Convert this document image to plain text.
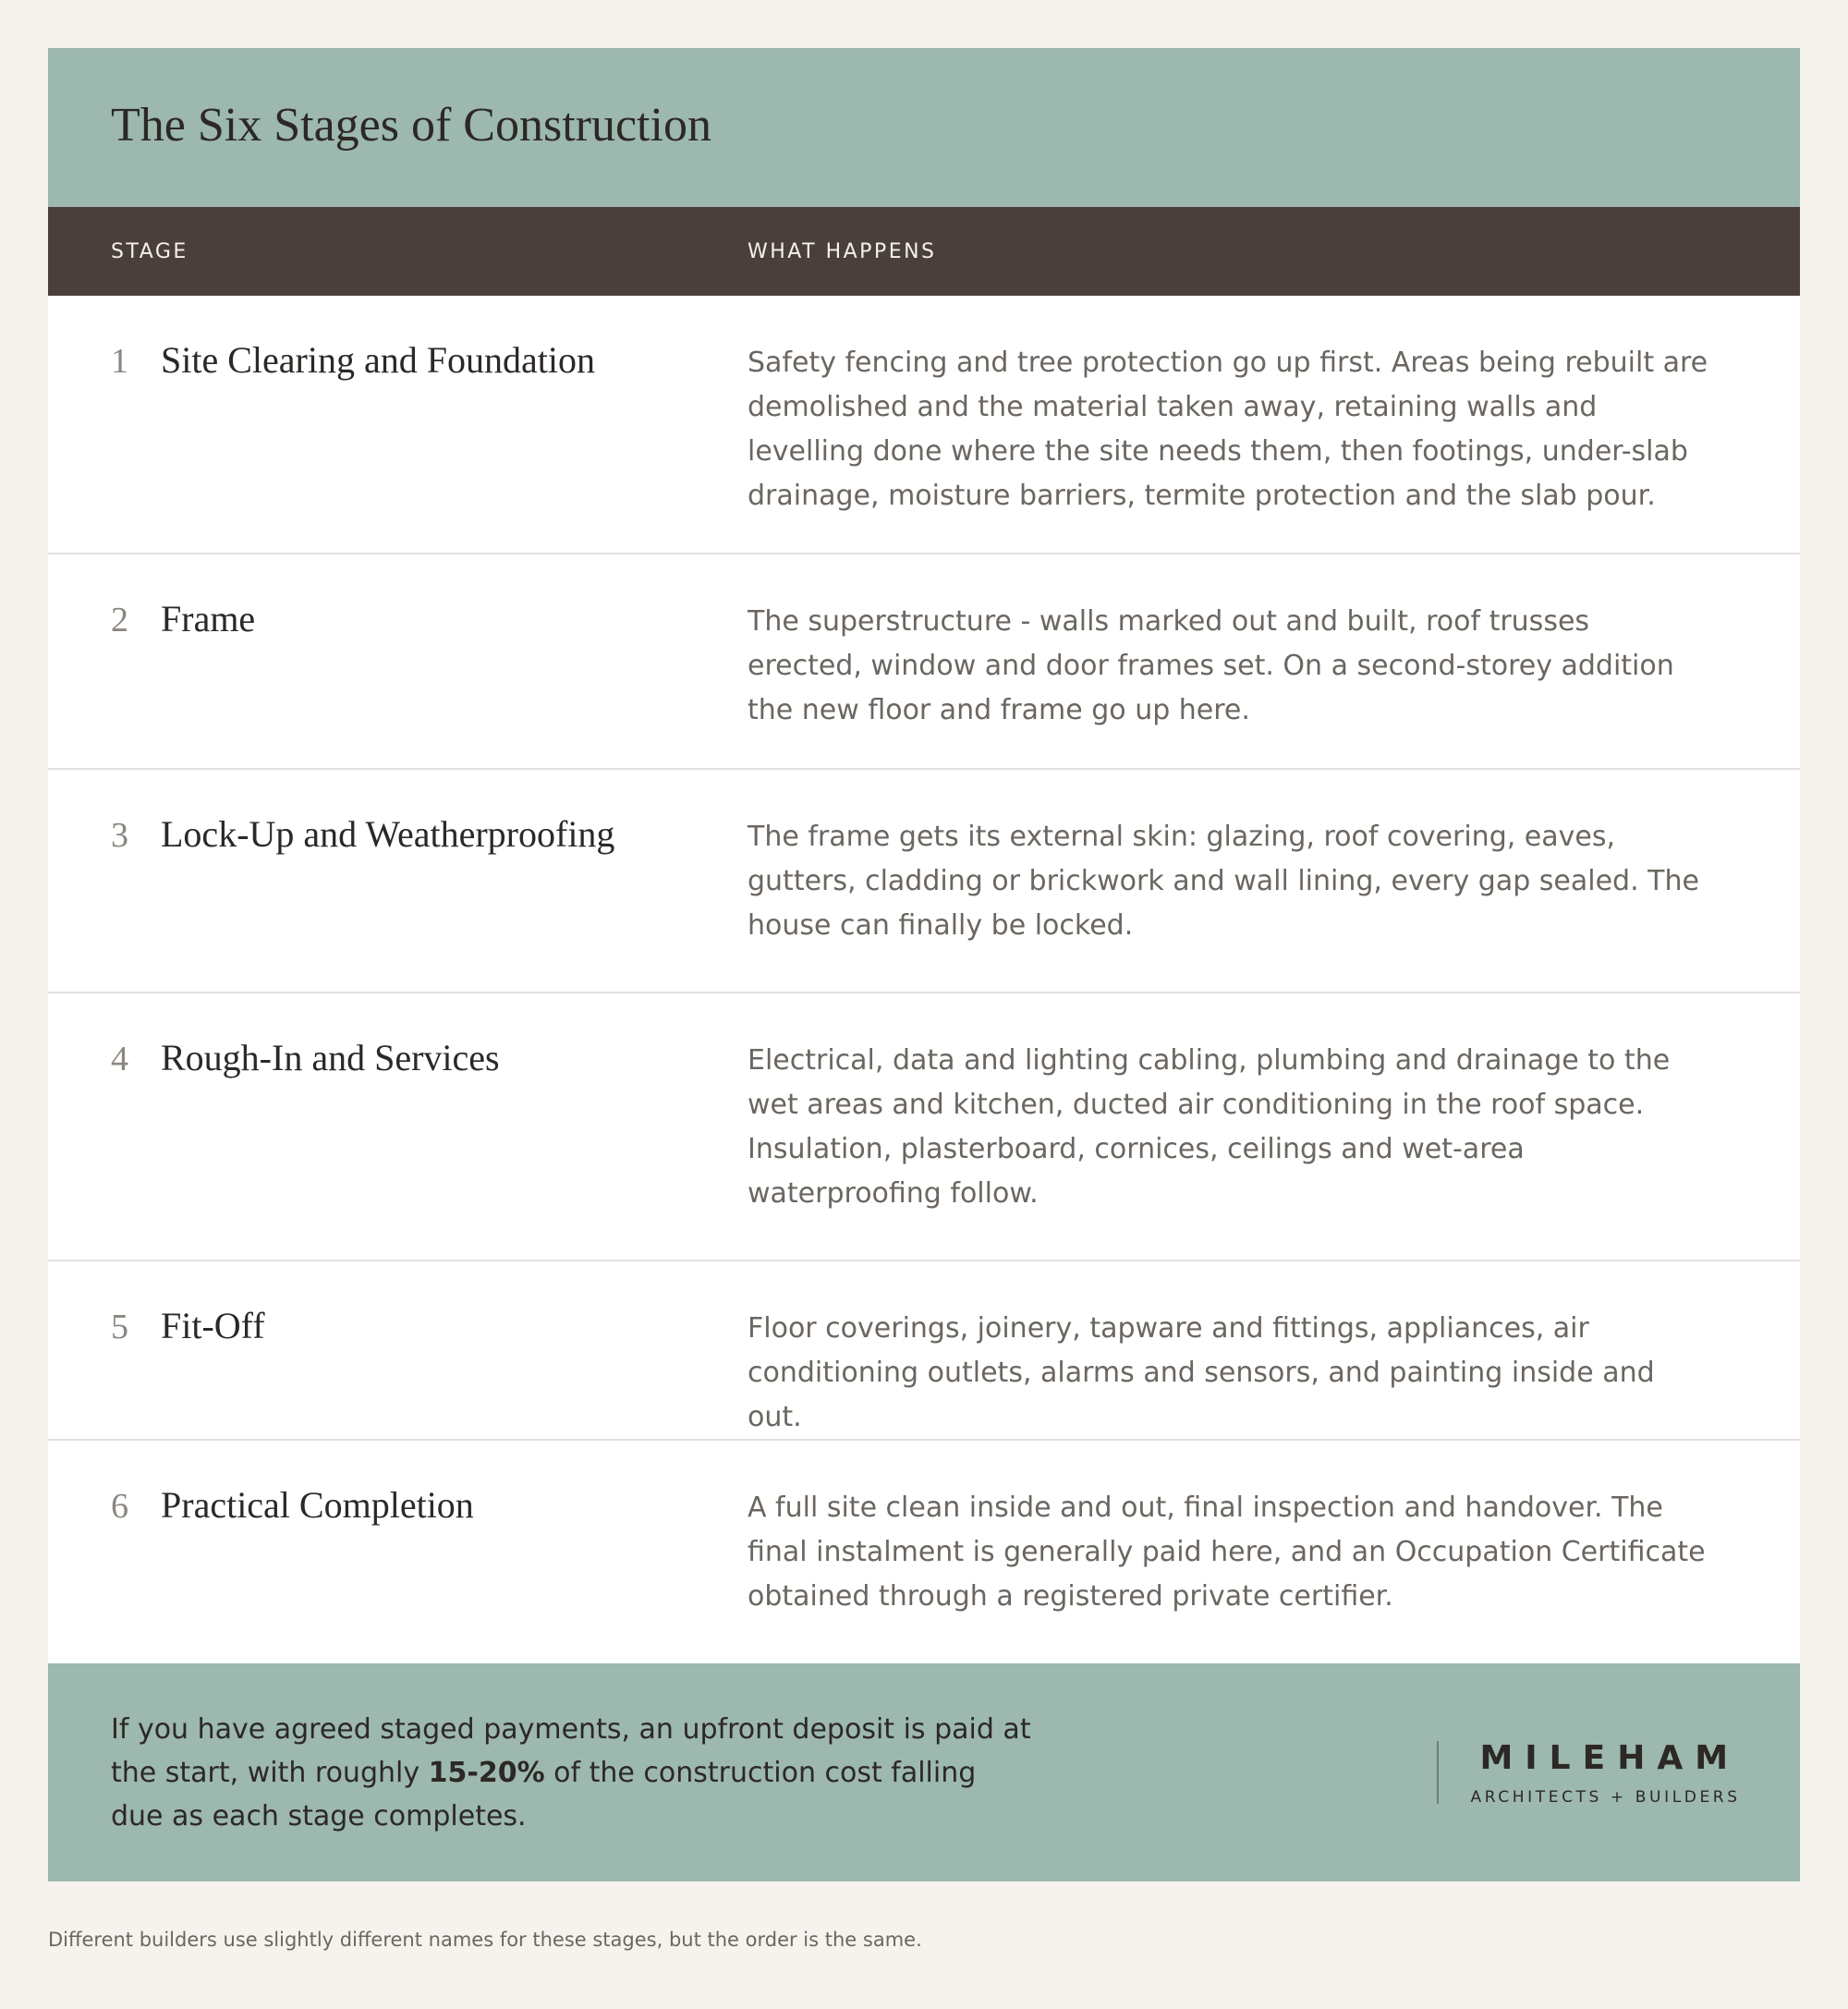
The Six Stages of Construction
STAGE	WHAT HAPPENS
1 Site Clearing and Foundation	Safety fencing and tree protection go up first. Areas being rebuilt are demolished and the material taken away, retaining walls and levelling done where the site needs them, then footings, under-slab drainage, moisture barriers, termite protection and the slab pour.
2 Frame	The superstructure - walls marked out and built, roof trusses erected, window and door frames set. On a second-storey addition the new floor and frame go up here.
3 Lock-Up and Weatherproofing	The frame gets its external skin: glazing, roof covering, eaves, gutters, cladding or brickwork and wall lining, every gap sealed. The house can finally be locked.
4 Rough-In and Services	Electrical, data and lighting cabling, plumbing and drainage to the wet areas and kitchen, ducted air conditioning in the roof space. Insulation, plasterboard, cornices, ceilings and wet-area waterproofing follow.
5 Fit-Off	Floor coverings, joinery, tapware and fittings, appliances, air conditioning outlets, alarms and sensors, and painting inside and out.
6 Practical Completion	A full site clean inside and out, final inspection and handover. The final instalment is generally paid here, and an Occupation Certificate obtained through a registered private certifier.
If you have agreed staged payments, an upfront deposit is paid at the start, with roughly 15-20% of the construction cost falling due as each stage completes.
MILEHAM
ARCHITECTS + BUILDERS
Different builders use slightly different names for these stages, but the order is the same.
